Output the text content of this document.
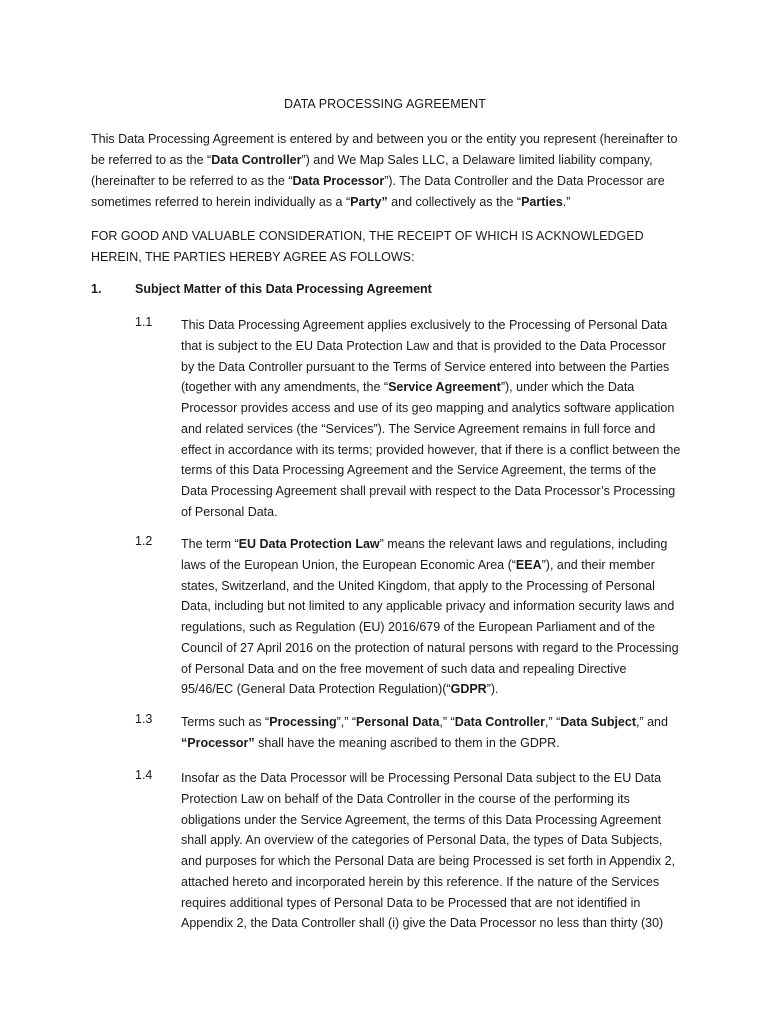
DATA PROCESSING AGREEMENT

This Data Processing Agreement is entered by and between you or the entity you represent (hereinafter to be referred to as the “Data Controller”) and We Map Sales LLC, a Delaware limited liability company, (hereinafter to be referred to as the “Data Processor”). The Data Controller and the Data Processor are sometimes referred to herein individually as a “Party” and collectively as the “Parties.”

FOR GOOD AND VALUABLE CONSIDERATION, THE RECEIPT OF WHICH IS ACKNOWLEDGED HEREIN, THE PARTIES HEREBY AGREE AS FOLLOWS:

1.	Subject Matter of this Data Processing Agreement
1.1 This Data Processing Agreement applies exclusively to the Processing of Personal Data that is subject to the EU Data Protection Law and that is provided to the Data Processor by the Data Controller pursuant to the Terms of Service entered into between the Parties (together with any amendments, the “Service Agreement”), under which the Data Processor provides access and use of its geo mapping and analytics software application and related services (the “Services”). The Service Agreement remains in full force and effect in accordance with its terms; provided however, that if there is a conflict between the terms of this Data Processing Agreement and the Service Agreement, the terms of the Data Processing Agreement shall prevail with respect to the Data Processor’s Processing of Personal Data.

1.2 The term “EU Data Protection Law” means the relevant laws and regulations, including laws of the European Union, the European Economic Area (“EEA”), and their member states, Switzerland, and the United Kingdom, that apply to the Processing of Personal Data, including but not limited to any applicable privacy and information security laws and regulations, such as Regulation (EU) 2016/679 of the European Parliament and of the Council of 27 April 2016 on the protection of natural persons with regard to the Processing of Personal Data and on the free movement of such data and repealing Directive 95/46/EC (General Data Protection Regulation)(“GDPR”).

1.3 Terms such as “Processing”,” “Personal Data,” “Data Controller,” “Data Subject,” and “Processor” shall have the meaning ascribed to them in the GDPR.

1.4 Insofar as the Data Processor will be Processing Personal Data subject to the EU Data Protection Law on behalf of the Data Controller in the course of the performing its obligations under the Service Agreement, the terms of this Data Processing Agreement shall apply. An overview of the categories of Personal Data, the types of Data Subjects, and purposes for which the Personal Data are being Processed is set forth in Appendix 2, attached hereto and incorporated herein by this reference. If the nature of the Services requires additional types of Personal Data to be Processed that are not identified in Appendix 2, the Data Controller shall (i) give the Data Processor no less than thirty (30)
